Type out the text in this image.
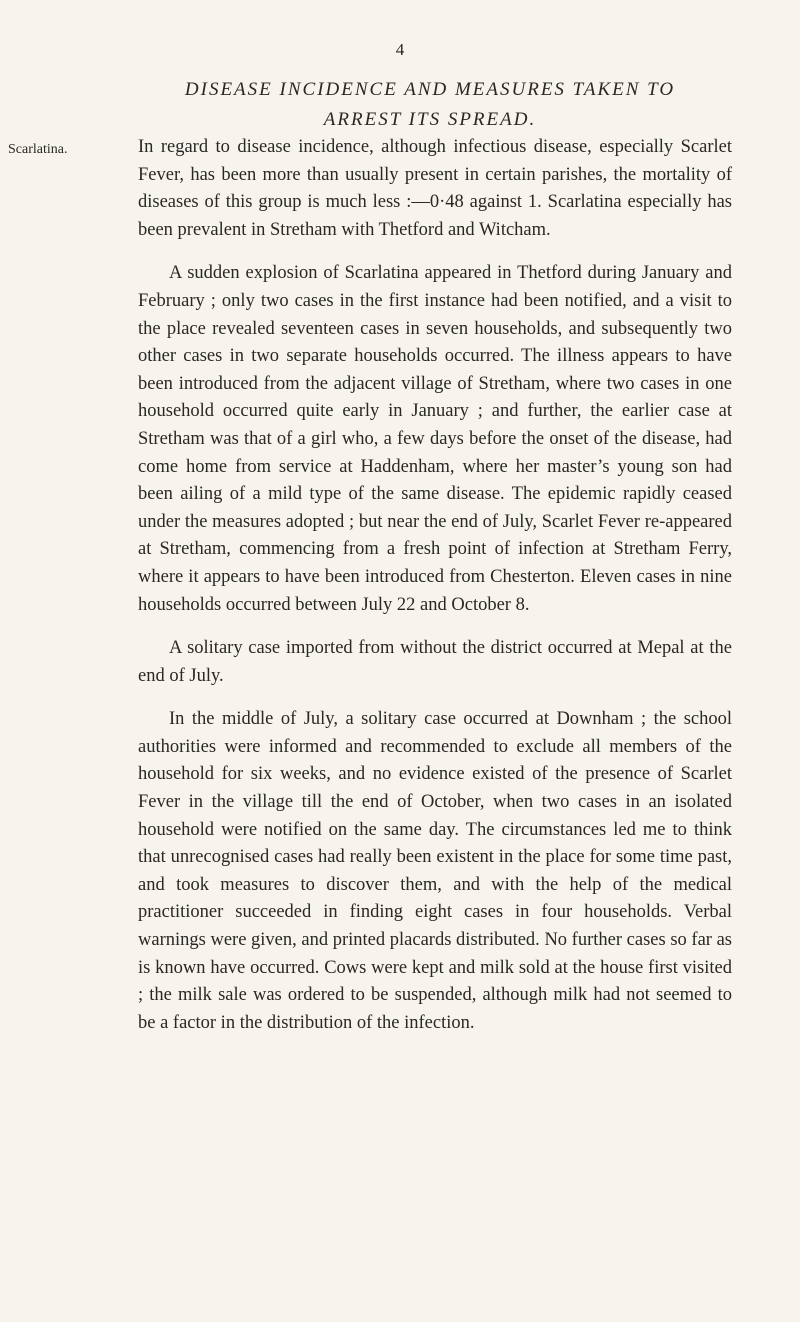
4
DISEASE INCIDENCE AND MEASURES TAKEN TO
ARREST ITS SPREAD.
Scarlatina.	In regard to disease incidence, although infectious disease, especially Scarlet Fever, has been more than usually present in certain parishes, the mortality of diseases of this group is much less :—0·48 against 1. Scarlatina especially has been prevalent in Stretham with Thetford and Witcham.

A sudden explosion of Scarlatina appeared in Thetford during January and February ; only two cases in the first instance had been notified, and a visit to the place revealed seventeen cases in seven households, and subsequently two other cases in two separate households occurred. The illness appears to have been introduced from the adjacent village of Stretham, where two cases in one household occurred quite early in January ; and further, the earlier case at Stretham was that of a girl who, a few days before the onset of the disease, had come home from service at Haddenham, where her master’s young son had been ailing of a mild type of the same disease. The epidemic rapidly ceased under the measures adopted ; but near the end of July, Scarlet Fever re-appeared at Stretham, commencing from a fresh point of infection at Stretham Ferry, where it appears to have been introduced from Chesterton. Eleven cases in nine households occurred between July 22 and October 8.

A solitary case imported from without the district occurred at Mepal at the end of July.

In the middle of July, a solitary case occurred at Downham ; the school authorities were informed and recommended to exclude all members of the household for six weeks, and no evidence existed of the presence of Scarlet Fever in the village till the end of October, when two cases in an isolated household were notified on the same day. The circumstances led me to think that unrecognised cases had really been existent in the place for some time past, and took measures to discover them, and with the help of the medical practitioner succeeded in finding eight cases in four households. Verbal warnings were given, and printed placards distributed. No further cases so far as is known have occurred. Cows were kept and milk sold at the house first visited ; the milk sale was ordered to be suspended, although milk had not seemed to be a factor in the distribution of the infection.
